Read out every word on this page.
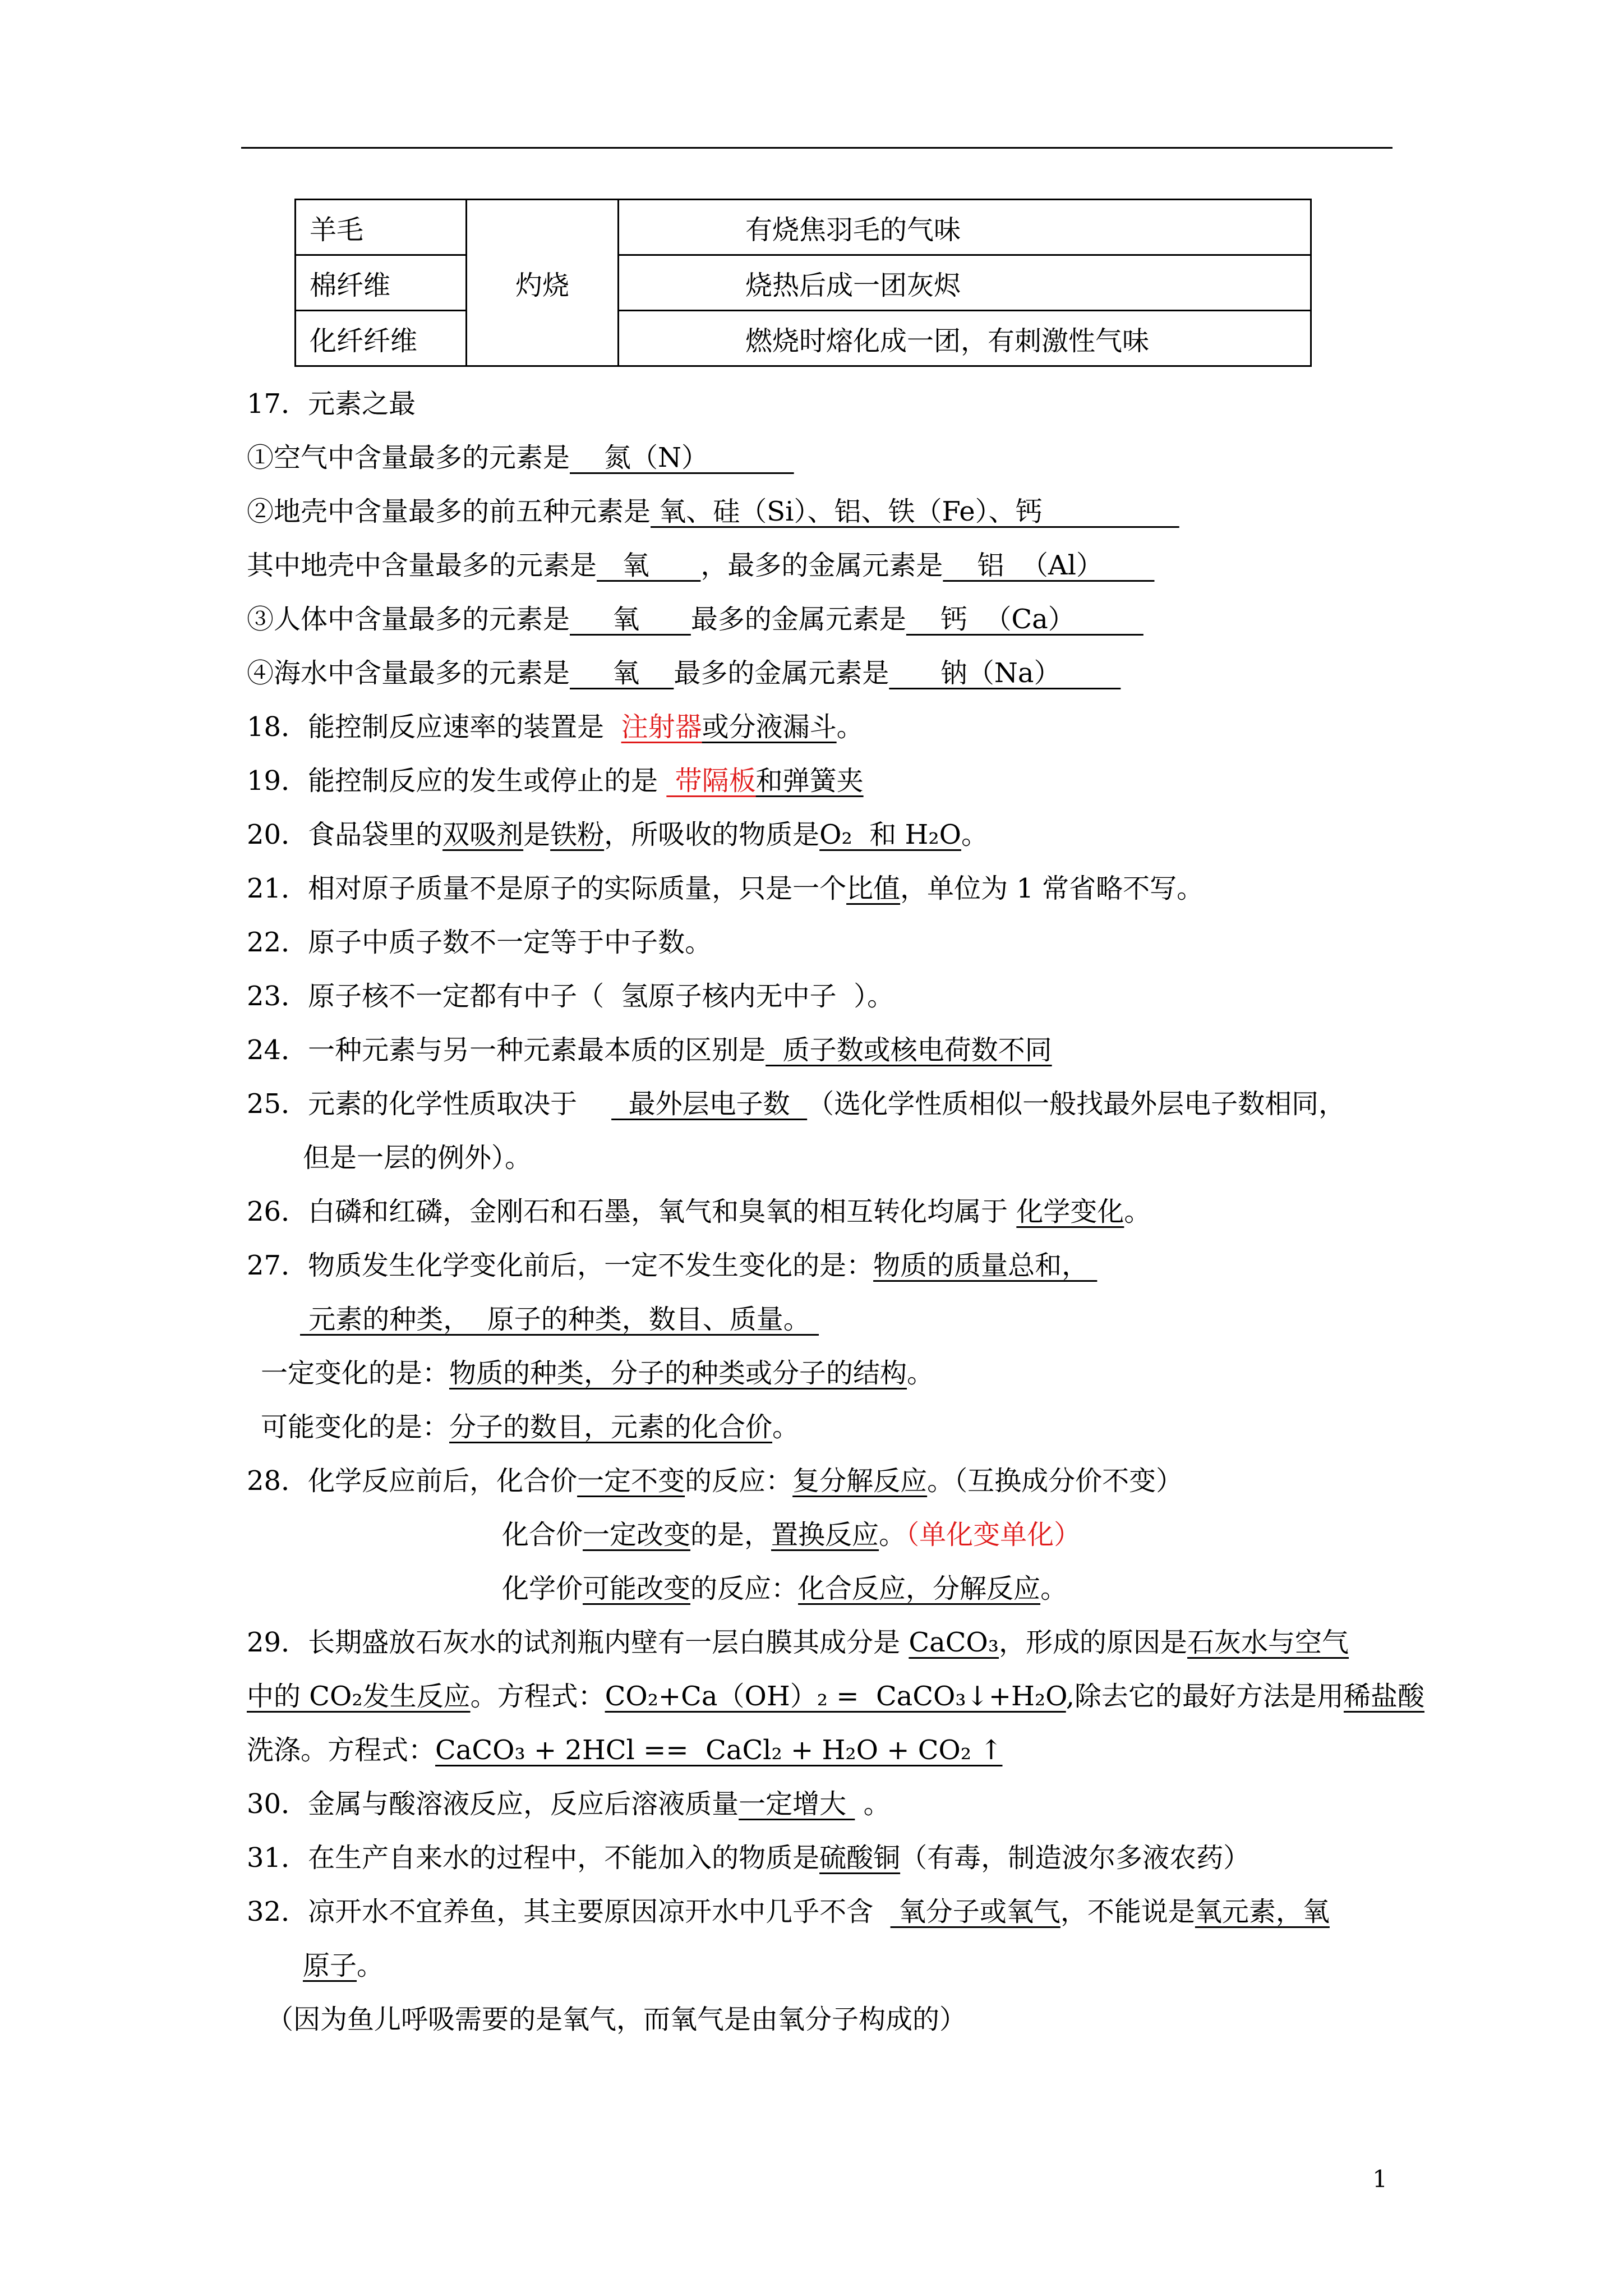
羊毛	灼烧	有烧焦羽毛的气味
棉纤维		烧热后成一团灰烬
化纤纤维		燃烧时熔化成一团，有刺激性气味
17．元素之最
①空气中含量最多的元素是    氮（N）
②地壳中含量最多的前五种元素是 氧、硅（Si）、铝、铁（Fe）、钙
其中地壳中含量最多的元素是   氧      ，最多的金属元素是    铝  （Al）
③人体中含量最多的元素是     氧      最多的金属元素是    钙  （Ca）
④海水中含量最多的元素是     氧    最多的金属元素是      钠（Na）
18．能控制反应速率的装置是  注射器或分液漏斗。
19．能控制反应的发生或停止的是  带隔板和弹簧夹
20．食品袋里的双吸剂是铁粉，所吸收的物质是O₂  和 H₂O。
21．相对原子质量不是原子的实际质量，只是一个比值，单位为 1 常省略不写。
22．原子中质子数不一定等于中子数。
23．原子核不一定都有中子（  氢原子核内无中子  ）。
24．一种元素与另一种元素最本质的区别是  质子数或核电荷数不同
25．元素的化学性质取决于      最外层电子数  （选化学性质相似一般找最外层电子数相同，
但是一层的例外）。
26．白磷和红磷，金刚石和石墨，氧气和臭氧的相互转化均属于 化学变化。
27．物质发生化学变化前后，一定不发生变化的是：物质的质量总和，
元素的种类，  原子的种类，数目、质量。
一定变化的是：物质的种类，分子的种类或分子的结构。
可能变化的是：分子的数目，元素的化合价。
28．化学反应前后，化合价一定不变的反应：复分解反应。（互换成分价不变）
化合价一定改变的是，置换反应。（单化变单化）
化学价可能改变的反应：化合反应，分解反应。
29．长期盛放石灰水的试剂瓶内壁有一层白膜其成分是 CaCO₃，形成的原因是石灰水与空气
中的 CO₂发生反应。方程式：CO₂+Ca（OH）₂ =  CaCO₃↓+H₂O,除去它的最好方法是用稀盐酸
洗涤。方程式：CaCO₃ + 2HCl ==  CaCl₂ + H₂O + CO₂ ↑
30．金属与酸溶液反应，反应后溶液质量一定增大  。
31．在生产自来水的过程中，不能加入的物质是硫酸铜（有毒，制造波尔多液农药）
32．凉开水不宜养鱼，其主要原因凉开水中几乎不含   氧分子或氧气，不能说是氧元素，氧
原子。
（因为鱼儿呼吸需要的是氧气，而氧气是由氧分子构成的）
1
